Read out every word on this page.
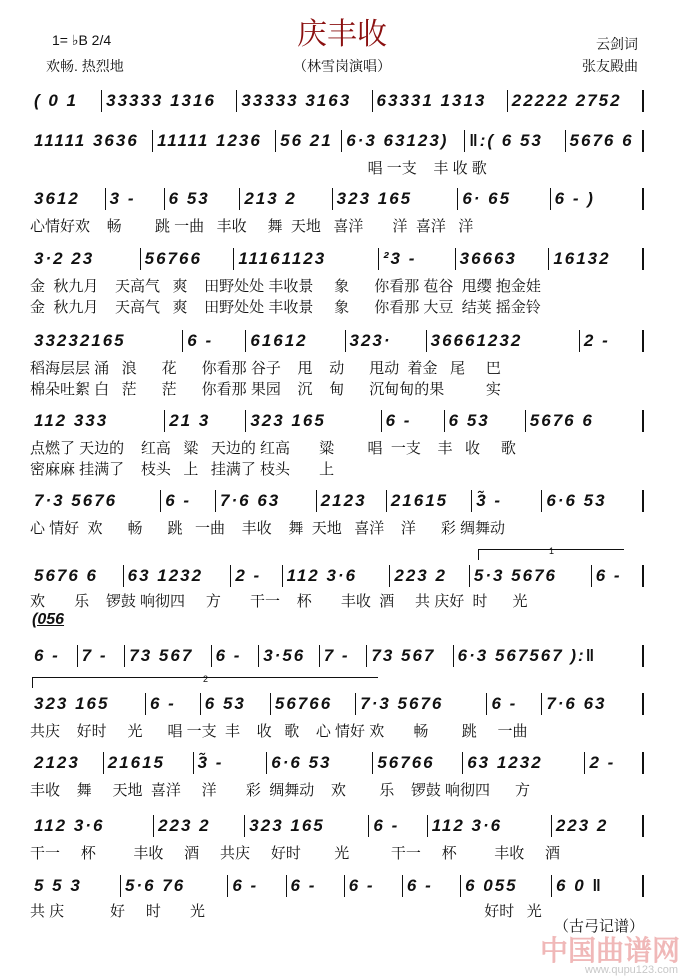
庆丰收
1= ♭B 2/4
欢畅. 热烈地	（林雪岗演唱）
云剑词
张友殿曲
( 0 1	33333 1316	33333 3163	63331 1313	22222 2752
11111 3636	11111 1236	56 21 6·3 63123)	‖:( 6 53	5676 6
唱 一支    丰 收 歌
3612	3 -	6 53	213 2	323 165	6· 65	6 - )
心情好欢    畅        跳 一曲   丰收     舞  天地   喜洋       洋  喜洋   洋
3·2 23	56766	11161123	²3 -	36663	16132
金  秋九月    天高气   爽    田野处处 丰收景     象      你看那 苞谷  甩缨 抱金娃
金  秋九月    天高气   爽    田野处处 丰收景     象      你看那 大豆  结荚 摇金铃
33232165	6 -	61612	323·	36661232	2 -
稻海层层 涌   浪      花      你看那 谷子    甩    动      甩动  着金   尾     巴
棉朵吐絮 白   茫      茫      你看那 果园    沉    甸      沉甸甸的果          实
112 333	21 3	323 165	6 -	6 53	5676 6
点燃了 天边的    红高   粱   天边的 红高       粱        唱  一支    丰   收     歌
密麻麻 挂满了    枝头   上   挂满了 枝头       上
7·3 5676	6 -	7·6 63	2123	21615	3̃ -	6·6 53
心 情好  欢      畅      跳   一曲    丰收    舞  天地   喜洋    洋      彩 绸舞动
1
5676 6	63 1232	2 -	112 3·6	223 2	5·3 5676	6 -
欢       乐    锣鼓 响彻四     方       干一    杯       丰收  酒     共 庆好  时      光
(056
6 -	7 -	73 567	6 -	3·56	7 -	73 567	6·3 567567 ):‖
2
323 165	6 -	6 53	56766	7·3 5676	6 -	7·6 63
共庆    好时     光      唱 一支  丰    收   歌    心 情好 欢       畅        跳     一曲
2123	21615	3̃ -	6·6 53	56766	63 1232	2 -
丰收    舞     天地  喜洋     洋       彩  绸舞动    欢        乐    锣鼓 响彻四      方
112 3·6	223 2	323 165	6 -	112 3·6	223 2
干一     杯         丰收     酒     共庆     好时        光          干一     杯         丰收     酒
5 5 3	5·6 76	6 -	6 -	6 -	6 -	6 055	6 0 ‖
共 庆           好     时       光                                                                   好时   光
（古弓记谱）
中国曲谱网
www.qupu123.com
